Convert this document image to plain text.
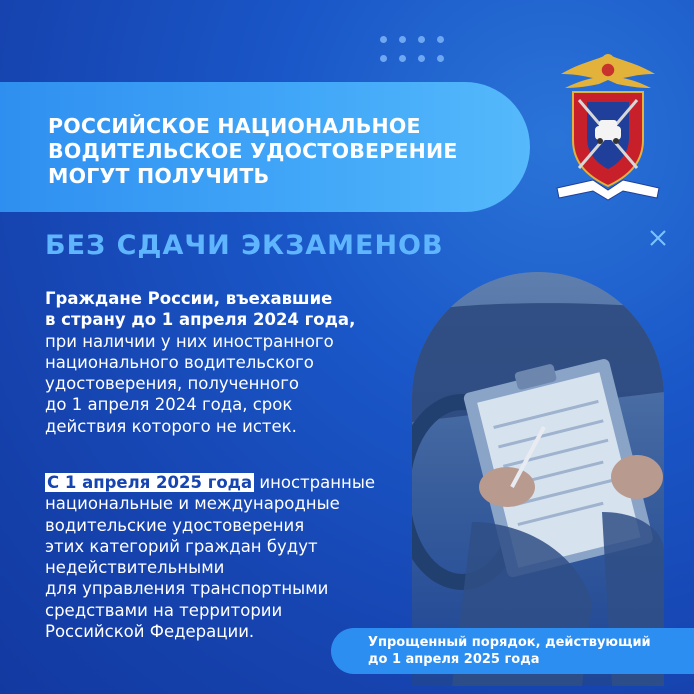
РОССИЙСКОЕ НАЦИОНАЛЬНОЕ
ВОДИТЕЛЬСКОЕ УДОСТОВЕРЕНИЕ
МОГУТ ПОЛУЧИТЬ
БЕЗ СДАЧИ ЭКЗАМЕНОВ
Граждане России, въехавшие
в страну до 1 апреля 2024 года,
при наличии у них иностранного
национального водительского
удостоверения, полученного
до 1 апреля 2024 года, срок
действия которого не истек.
С 1 апреля 2025 года иностранные
национальные и международные
водительские удостоверения
этих категорий граждан будут
недействительными
для управления транспортными
средствами на территории
Российской Федерации.
Упрощенный порядок, действующий
до 1 апреля 2025 года
